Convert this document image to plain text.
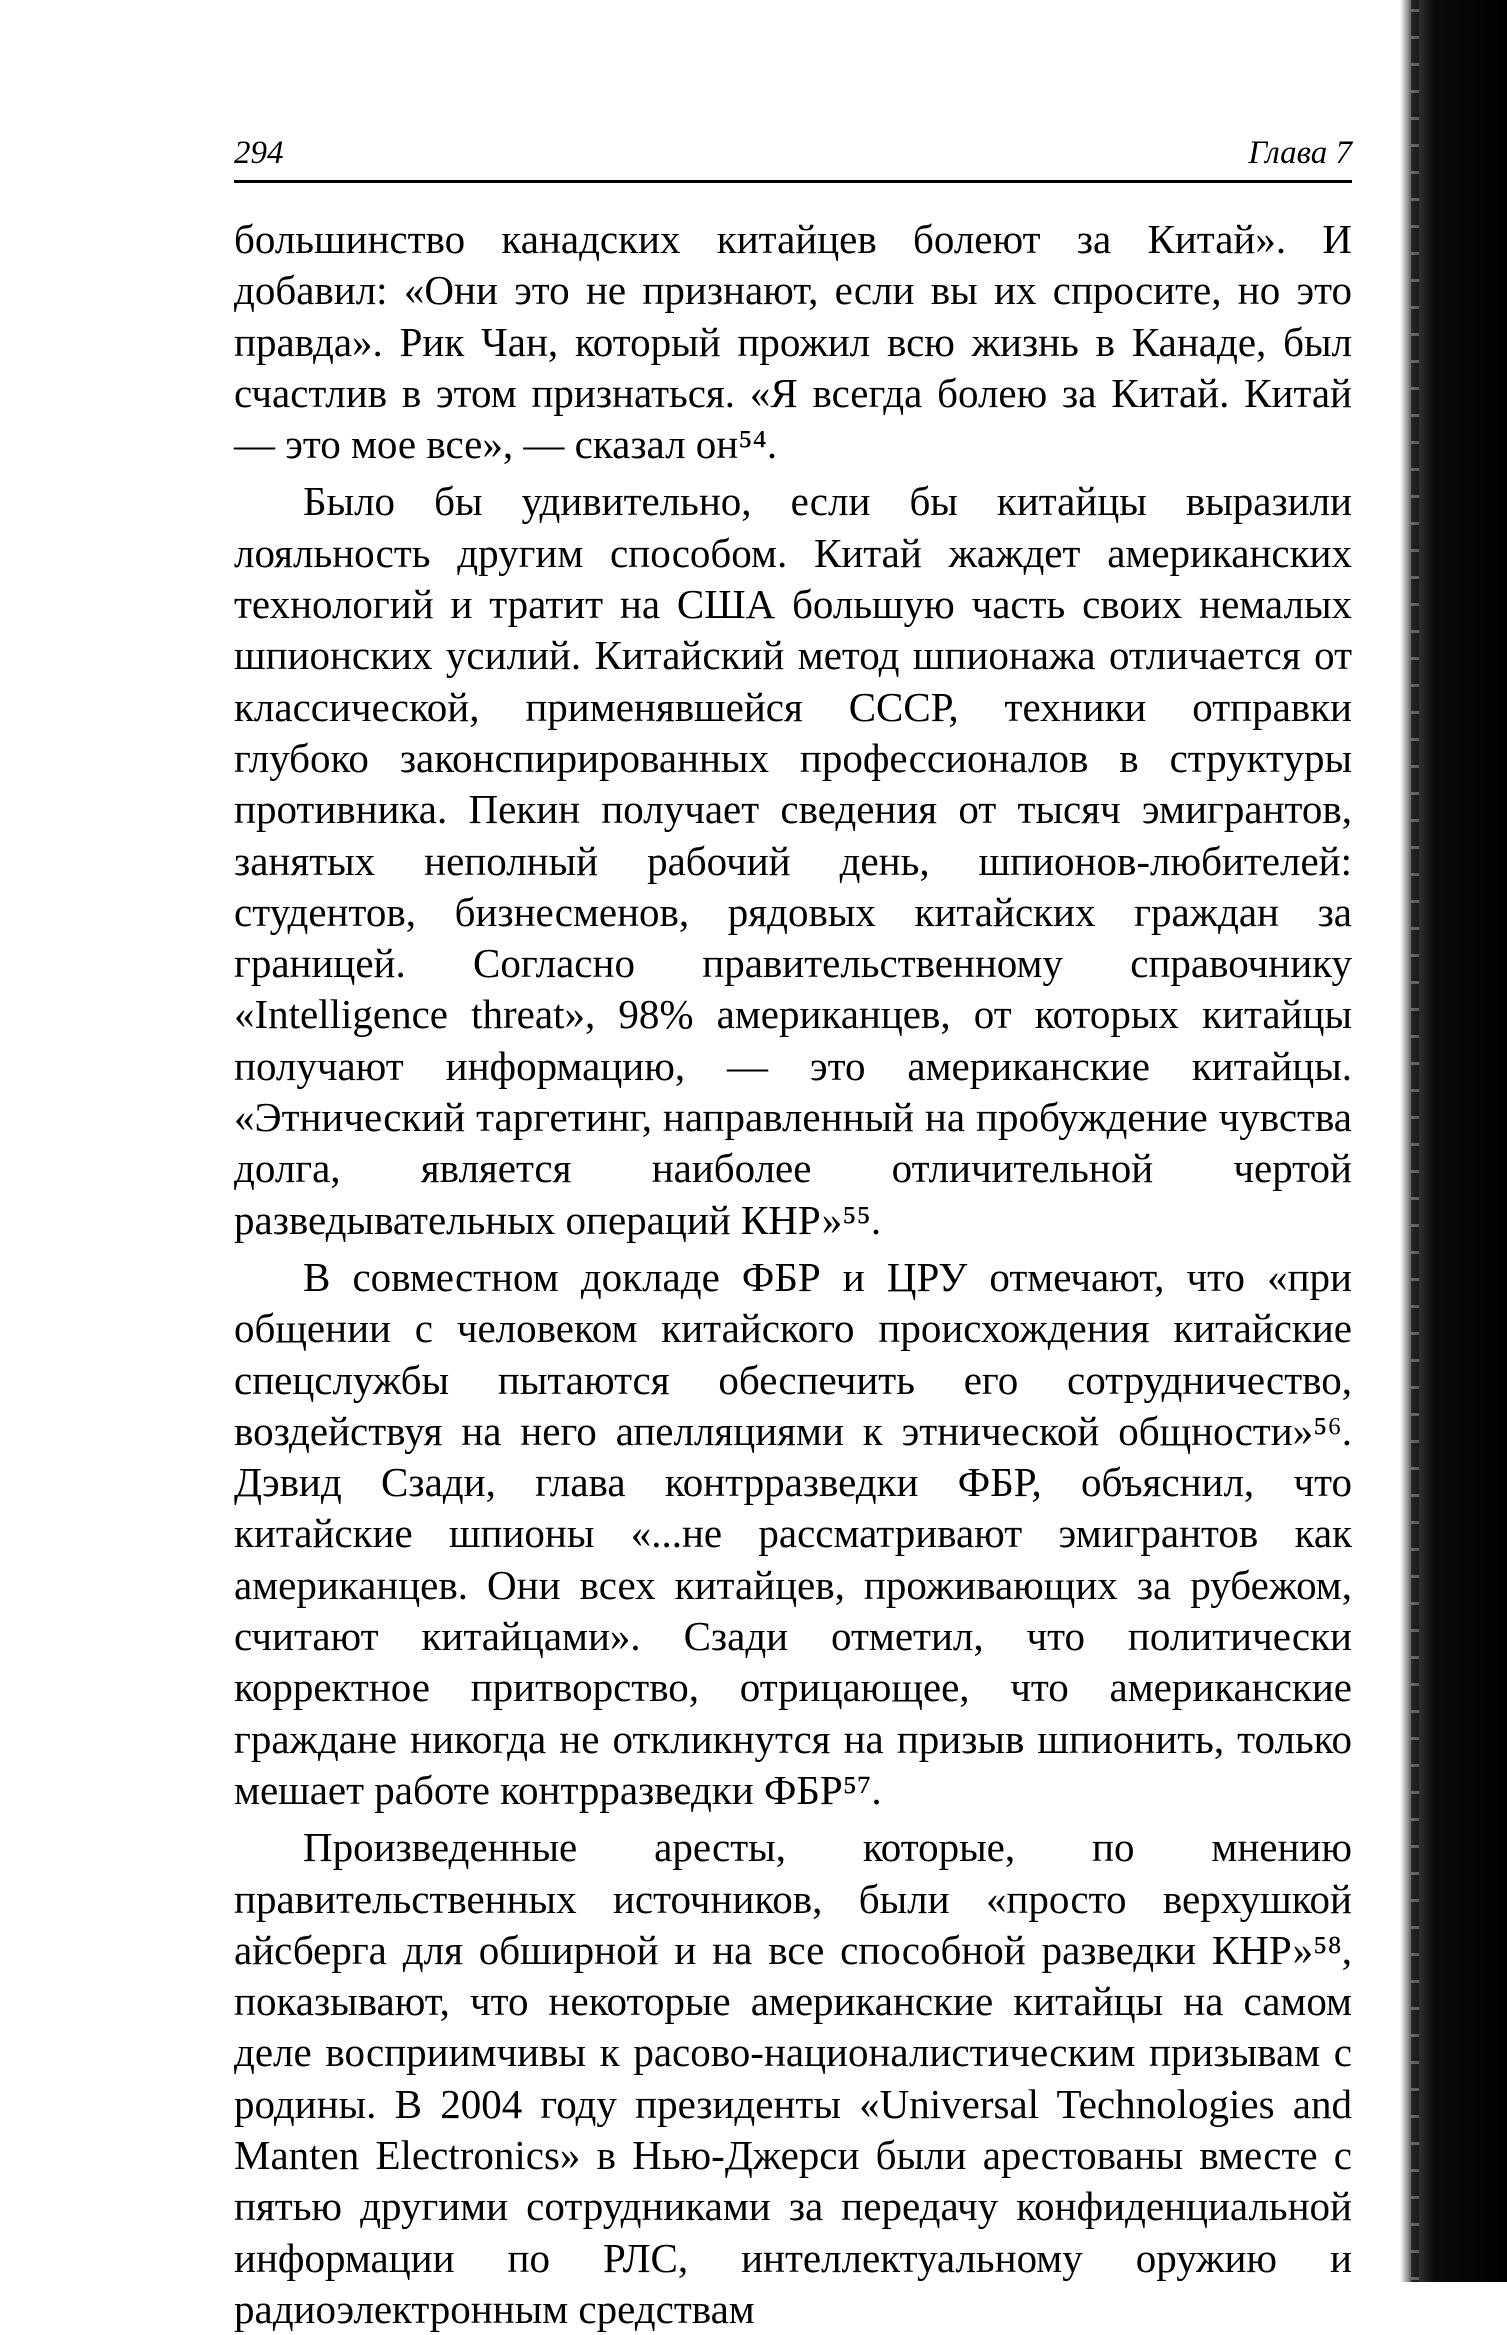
294	Глава 7

большинство канадских китайцев болеют за Китай». И добавил: «Они это не признают, если вы их спросите, но это правда». Рик Чан, который прожил всю жизнь в Канаде, был счастлив в этом признаться. «Я всегда болею за Китай. Китай — это мое все», — сказал он⁵⁴.

Было бы удивительно, если бы китайцы выразили лояльность другим способом. Китай жаждет американских технологий и тратит на США большую часть своих немалых шпионских усилий. Китайский метод шпионажа отличается от классической, применявшейся СССР, техники отправки глубоко законспирированных профессионалов в структуры противника. Пекин получает сведения от тысяч эмигрантов, занятых неполный рабочий день, шпионов-любителей: студентов, бизнесменов, рядовых китайских граждан за границей. Согласно правительственному справочнику «Intelligence threat», 98% американцев, от которых китайцы получают информацию, — это американские китайцы. «Этнический таргетинг, направленный на пробуждение чувства долга, является наиболее отличительной чертой разведывательных операций КНР»⁵⁵.

В совместном докладе ФБР и ЦРУ отмечают, что «при общении с человеком китайского происхождения китайские спецслужбы пытаются обеспечить его сотрудничество, воздействуя на него апелляциями к этнической общности»⁵⁶. Дэвид Сзади, глава контрразведки ФБР, объяснил, что китайские шпионы «...не рассматривают эмигрантов как американцев. Они всех китайцев, проживающих за рубежом, считают китайцами». Сзади отметил, что политически корректное притворство, отрицающее, что американские граждане никогда не откликнутся на призыв шпионить, только мешает работе контрразведки ФБР⁵⁷.

Произведенные аресты, которые, по мнению правительственных источников, были «просто верхушкой айсберга для обширной и на все способной разведки КНР»⁵⁸, показывают, что некоторые американские китайцы на самом деле восприимчивы к расово-националистическим призывам с родины. В 2004 году президенты «Universal Technologies and Manten Electronics» в Нью-Джерси были арестованы вместе с пятью другими сотрудниками за передачу конфиденциальной информации по РЛС, интеллектуальному оружию и радиоэлектронным средствам
